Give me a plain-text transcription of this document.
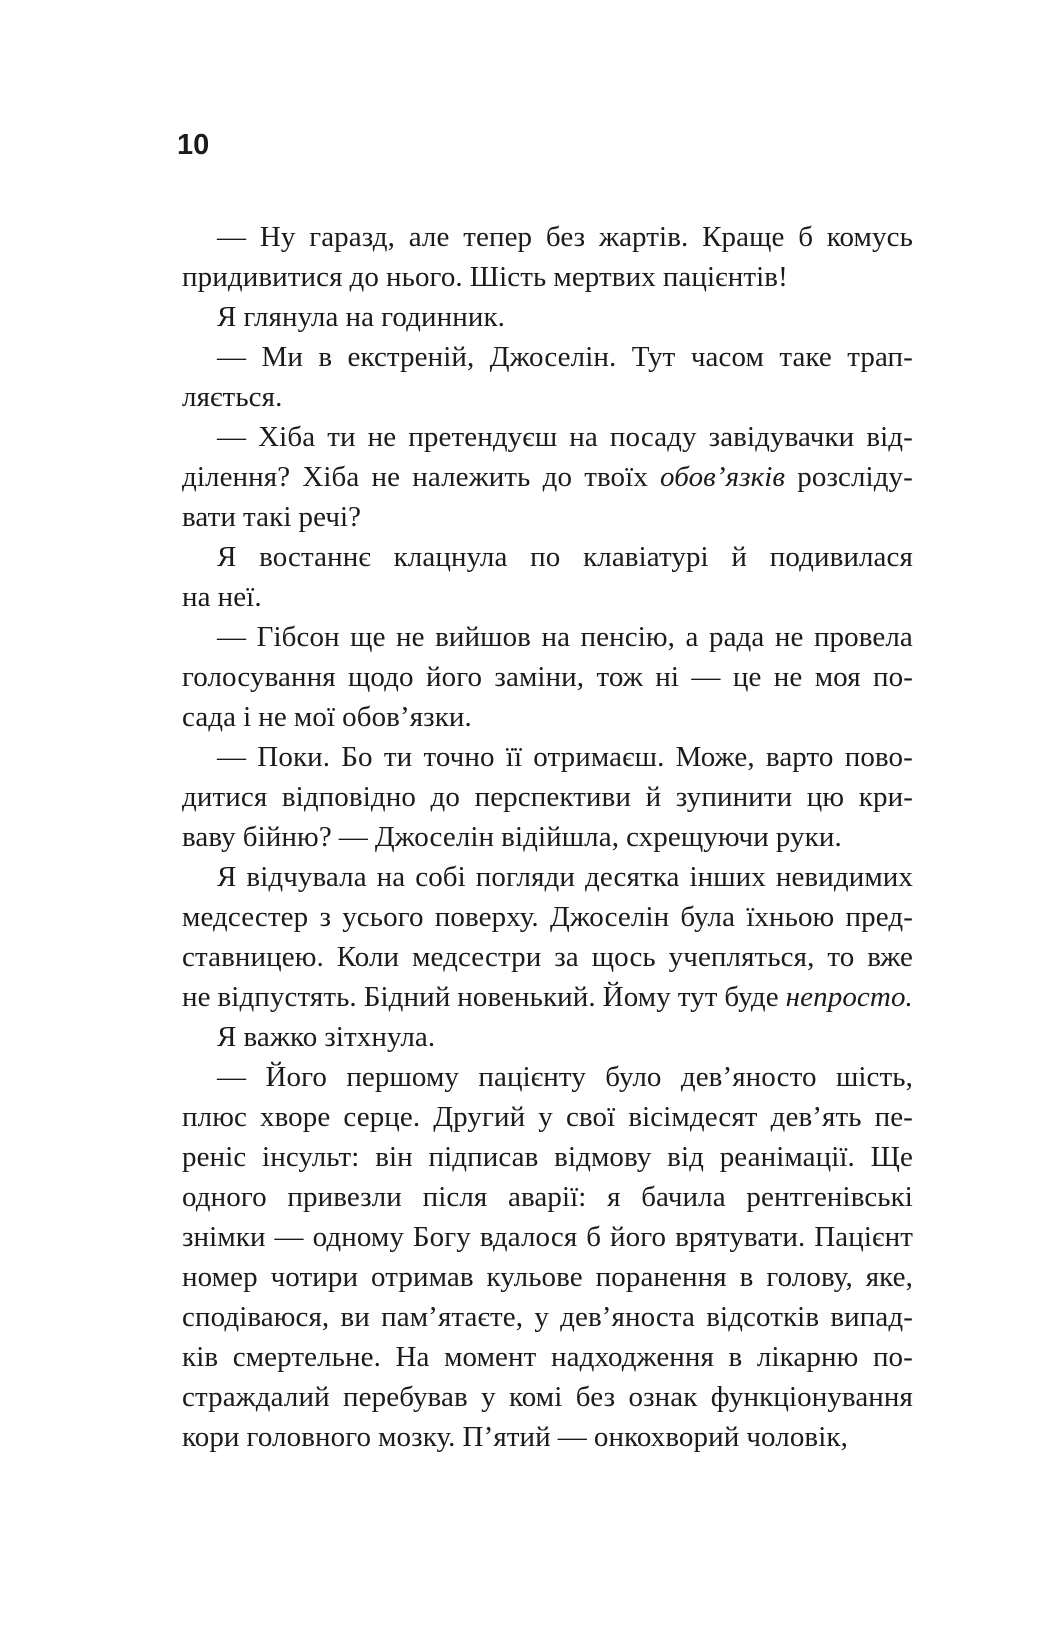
10
— Ну гаразд, але тепер без жартів. Краще б комусь
придивитися до нього. Шість мертвих пацієнтів!
Я глянула на годинник.
— Ми в екстреній, Джоселін. Тут часом таке трап-
ляється.
— Хіба ти не претендуєш на посаду завідувачки від-
ділення? Хіба не належить до твоїх обов’язків розсліду-
вати такі речі?
Я востаннє клацнула по клавіатурі й подивилася
на неї.
— Гібсон ще не вийшов на пенсію, а рада не провела
голосування щодо його заміни, тож ні — це не моя по-
сада і не мої обов’язки.
— Поки. Бо ти точно її отримаєш. Може, варто пово-
дитися відповідно до перспективи й зупинити цю кри-
ваву бійню? — Джоселін відійшла, схрещуючи руки.
Я відчувала на собі погляди десятка інших невидимих
медсестер з усього поверху. Джоселін була їхньою пред-
ставницею. Коли медсестри за щось учепляться, то вже
не відпустять. Бідний новенький. Йому тут буде непросто.
Я важко зітхнула.
— Його першому пацієнту було дев’яносто шість,
плюс хворе серце. Другий у свої вісімдесят дев’ять пе-
реніс інсульт: він підписав відмову від реанімації. Ще
одного привезли після аварії: я бачила рентгенівські
знімки — одному Богу вдалося б його врятувати. Пацієнт
номер чотири отримав кульове поранення в голову, яке,
сподіваюся, ви пам’ятаєте, у дев’яноста відсотків випад-
ків смертельне. На момент надходження в лікарню по-
страждалий перебував у комі без ознак функціонування
кори головного мозку. П’ятий — онкохворий чоловік,
